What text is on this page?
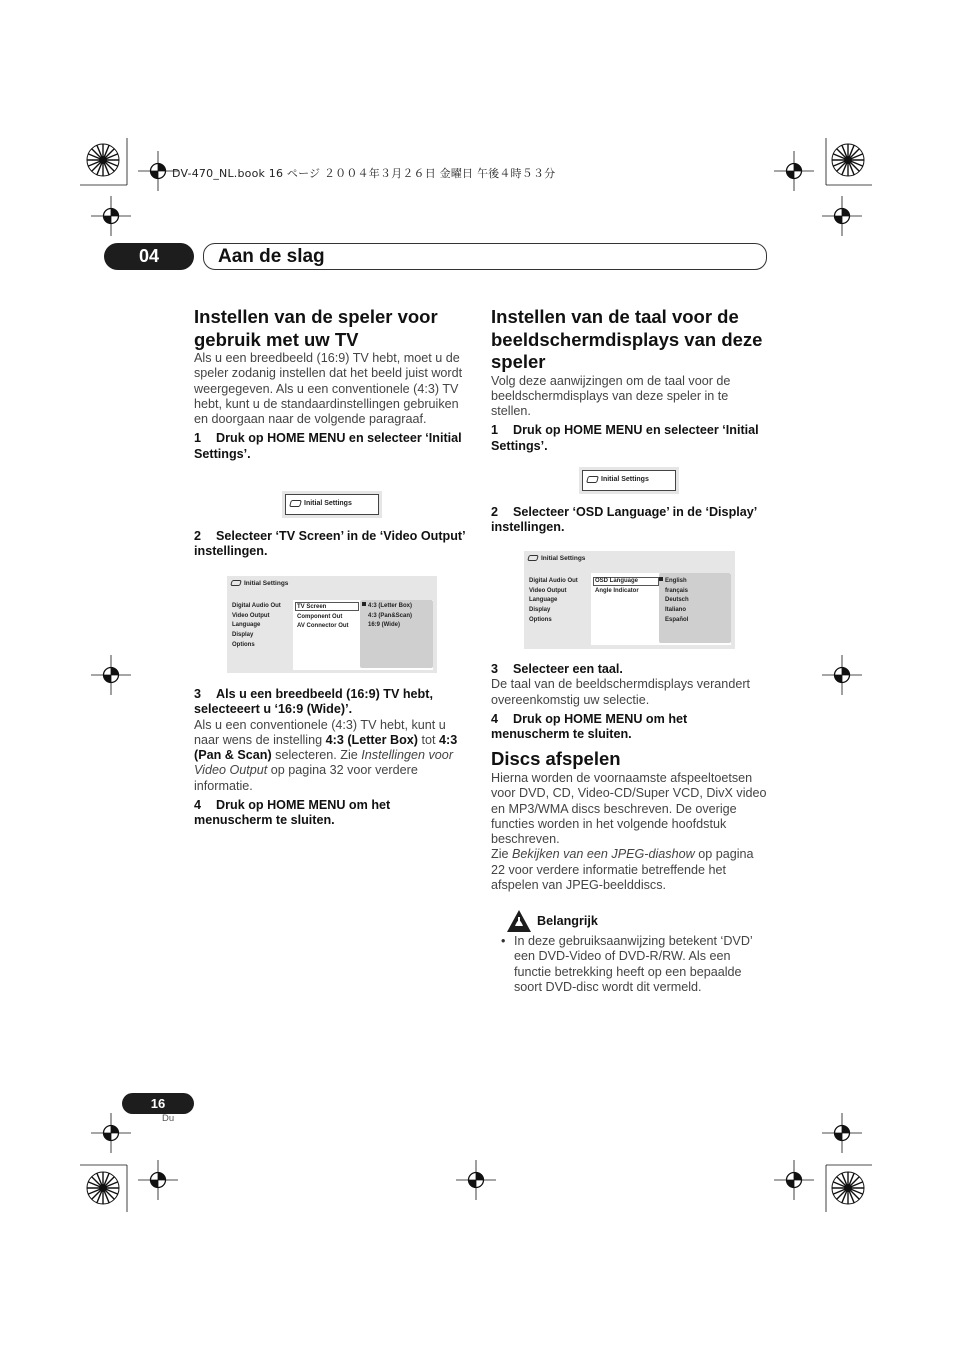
DV-470_NL.book 16 ページ ２００４年３月２６日 金曜日 午後４時５３分
04	Aan de slag
Instellen van de speler voor gebruik met uw TV

Als u een breedbeeld (16:9) TV hebt, moet u de speler zodanig instellen dat het beeld juist wordt weergegeven. Als u een conventionele (4:3) TV hebt, kunt u de standaardinstellingen gebruiken en doorgaan naar de volgende paragraaf.

1 Druk op HOME MENU en selecteer ‘Initial Settings’.

Initial Settings

2 Selecteer ‘TV Screen’ in de ‘Video Output’ instellingen.

Initial Settings
Digital Audio Out
Video Output
Language
Display
Options
TV Screen
Component Out
AV Connector Out
4:3 (Letter Box)
4:3 (Pan&Scan)
16:9 (Wide)

3 Als u een breedbeeld (16:9) TV hebt, selecteeert u ‘16:9 (Wide)’.

Als u een conventionele (4:3) TV hebt, kunt u naar wens de instelling 4:3 (Letter Box) tot 4:3 (Pan & Scan) selecteren. Zie Instellingen voor Video Output op pagina 32 voor verdere informatie.

4 Druk op HOME MENU om het menuscherm te sluiten.

Instellen van de taal voor de beeldschermdisplays van deze speler

Volg deze aanwijzingen om de taal voor de beeldschermdisplays van deze speler in te stellen.

1 Druk op HOME MENU en selecteer ‘Initial Settings’.

Initial Settings

2 Selecteer ‘OSD Language’ in de ‘Display’ instellingen.

Initial Settings
Digital Audio Out
Video Output
Language
Display
Options
OSD Language
Angle Indicator
English
français
Deutsch
Italiano
Español

3 Selecteer een taal.

De taal van de beeldschermdisplays verandert overeenkomstig uw selectie.

4 Druk op HOME MENU om het menuscherm te sluiten.

Discs afspelen

Hierna worden de voornaamste afspeeltoetsen voor DVD, CD, Video-CD/Super VCD, DivX video en MP3/WMA discs beschreven. De overige functies worden in het volgende hoofdstuk beschreven.

Zie Bekijken van een JPEG-diashow op pagina 22 voor verdere informatie betreffende het afspelen van JPEG-beelddiscs.

Belangrijk
• In deze gebruiksaanwijzing betekent ‘DVD’ een DVD-Video of DVD-R/RW. Als een functie betrekking heeft op een bepaalde soort DVD-disc wordt dit vermeld.
16
Du
